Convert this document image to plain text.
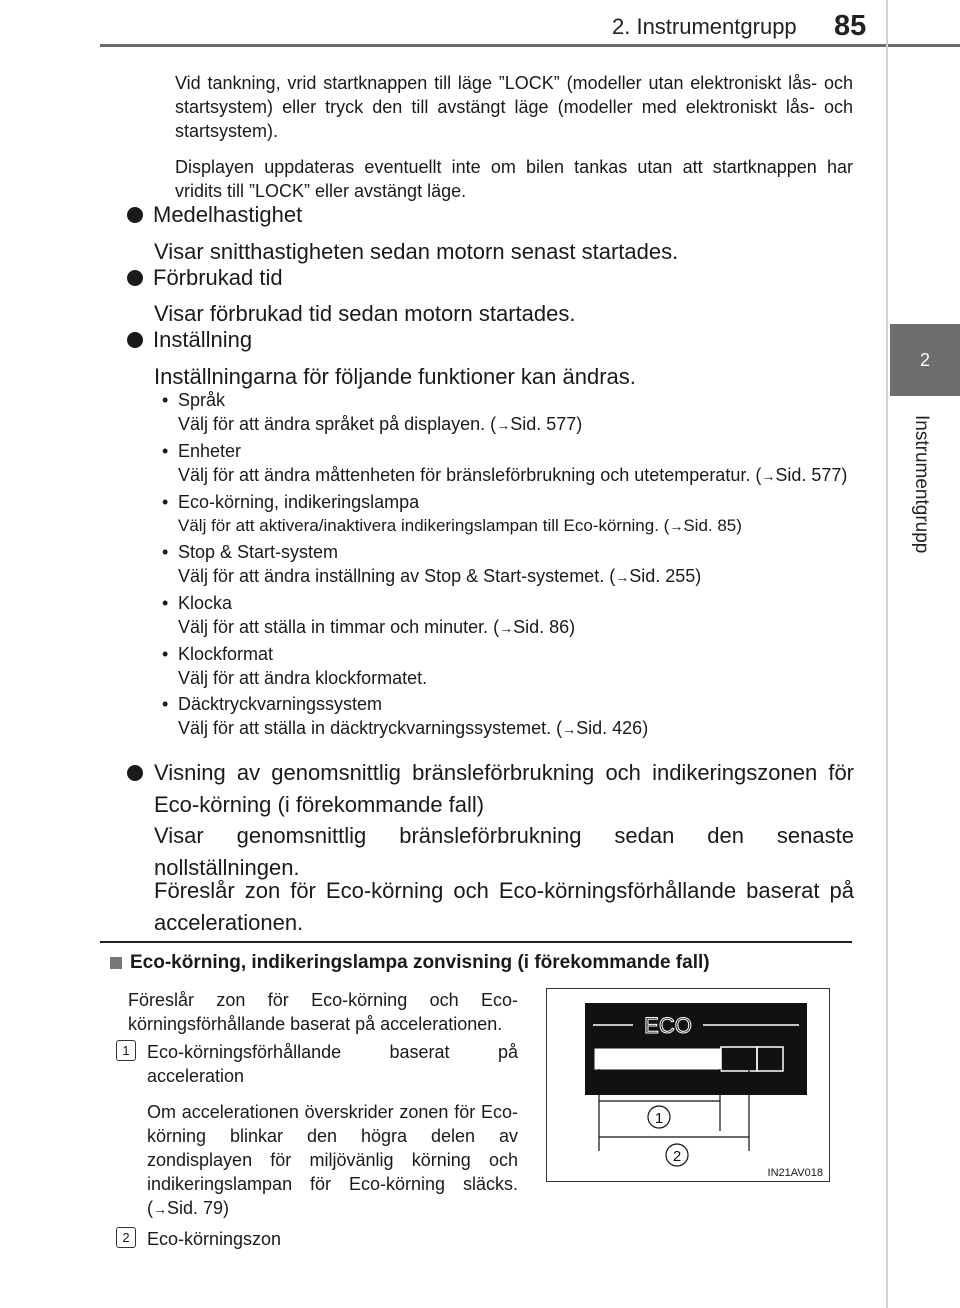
2. Instrumentgrupp 85
2
Instrumentgrupp
Vid tankning, vrid startknappen till läge ”LOCK” (modeller utan elektroniskt lås- och startsystem) eller tryck den till avstängt läge (modeller med elektroniskt lås- och startsystem).
Displayen uppdateras eventuellt inte om bilen tankas utan att startknappen har vridits till ”LOCK” eller avstängt läge.
Medelhastighet
Visar snitthastigheten sedan motorn senast startades.
Förbrukad tid
Visar förbrukad tid sedan motorn startades.
Inställning
Inställningarna för följande funktioner kan ändras.
• Språk
Välj för att ändra språket på displayen. (→Sid. 577)
• Enheter
Välj för att ändra måttenheten för bränsleförbrukning och utetemperatur. (→Sid. 577)
• Eco-körning, indikeringslampa
Välj för att aktivera/inaktivera indikeringslampan till Eco-körning. (→Sid. 85)
• Stop & Start-system
Välj för att ändra inställning av Stop & Start-systemet. (→Sid. 255)
• Klocka
Välj för att ställa in timmar och minuter. (→Sid. 86)
• Klockformat
Välj för att ändra klockformatet.
• Däcktryckvarningssystem
Välj för att ställa in däcktryckvarningssystemet. (→Sid. 426)
Visning av genomsnittlig bränsleförbrukning och indikeringszonen för Eco-körning (i förekommande fall)
Visar genomsnittlig bränsleförbrukning sedan den senaste nollställningen.
Föreslår zon för Eco-körning och Eco-körningsförhållande baserat på accelerationen.
Eco-körning, indikeringslampa zonvisning (i förekommande fall)
Föreslår zon för Eco-körning och Eco-körningsförhållande baserat på accelerationen.
1 Eco-körningsförhållande baserat på acceleration
Om accelerationen överskrider zonen för Eco-körning blinkar den högra delen av zondisplayen för miljövänlig körning och indikeringslampan för Eco-körning släcks. (→Sid. 79)
2 Eco-körningszon
ECO
1
2
IN21AV018
